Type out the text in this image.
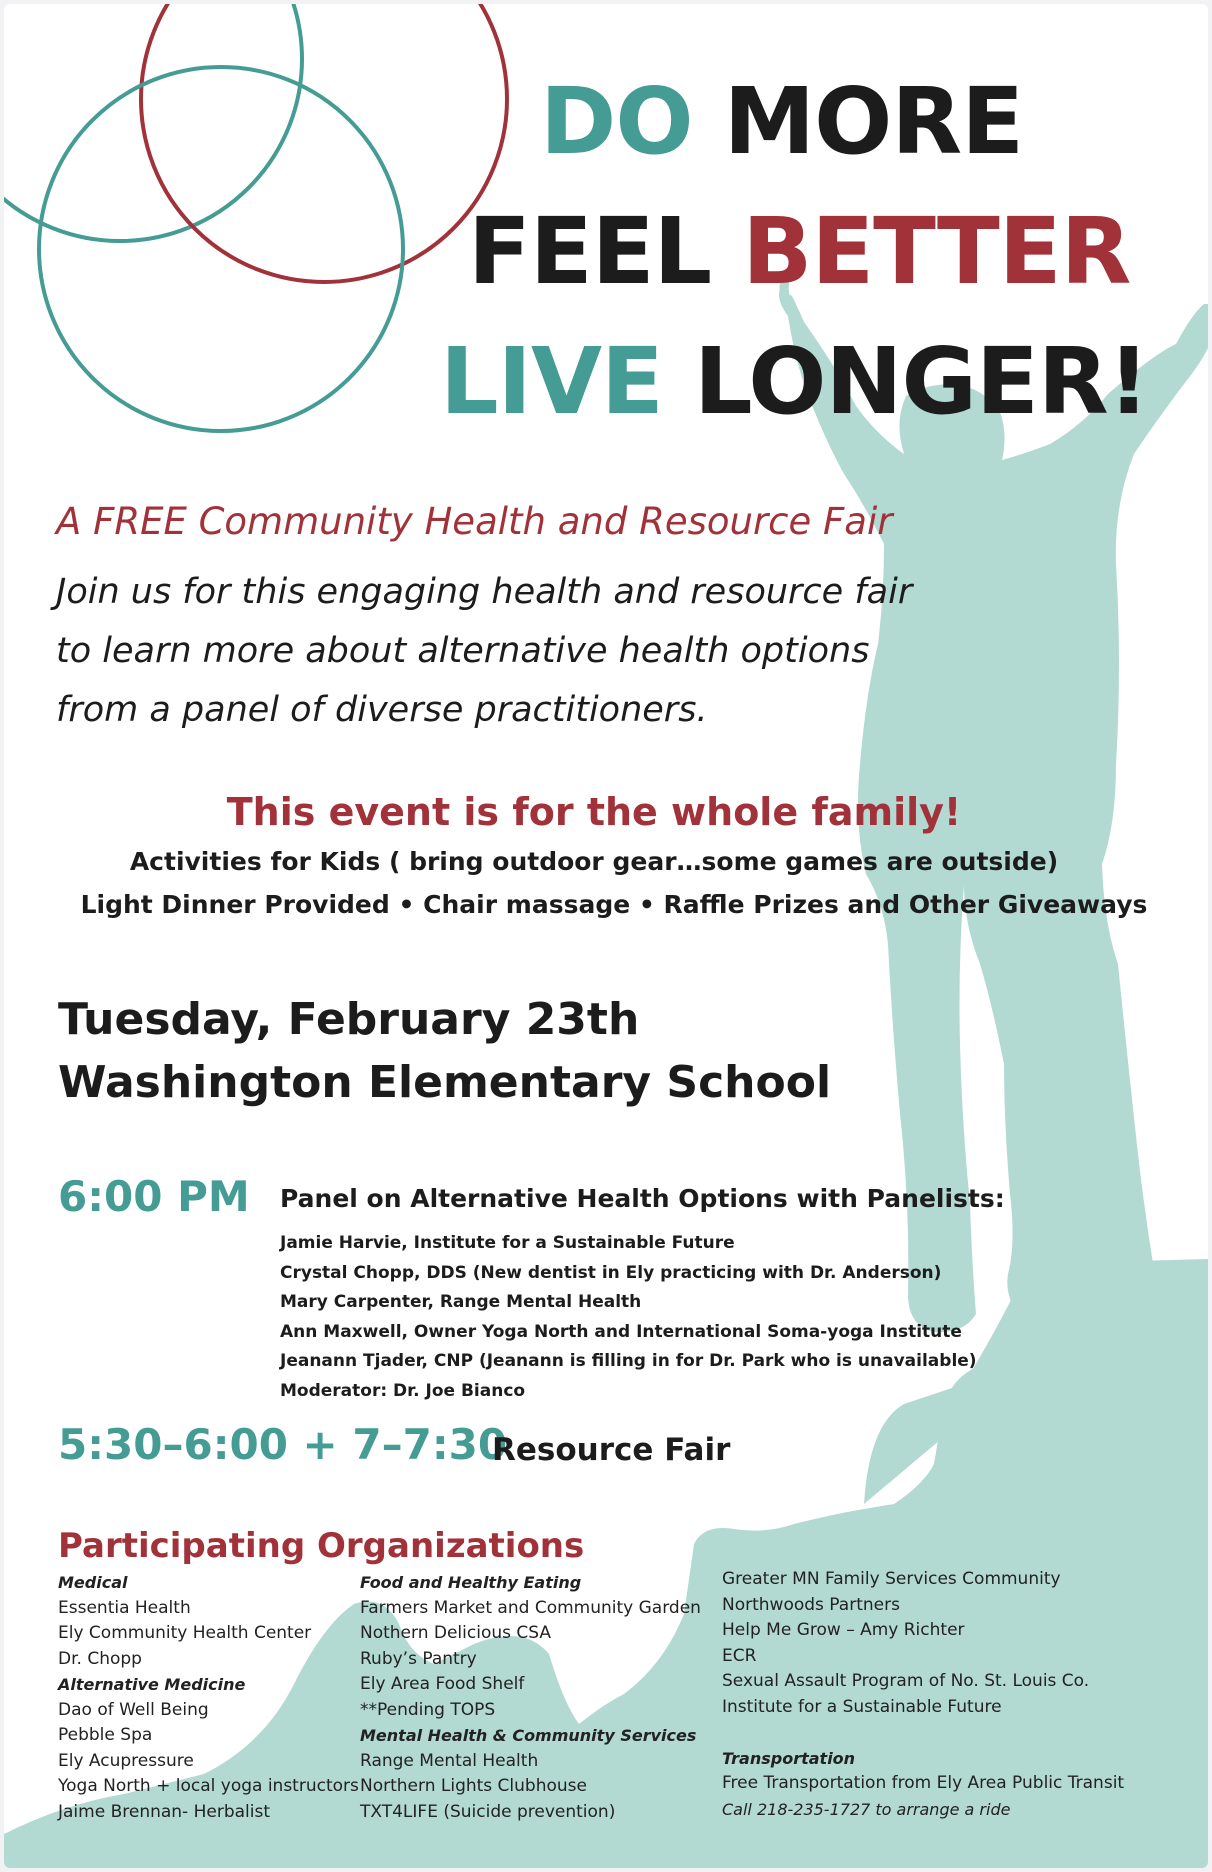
DO MORE
FEEL BETTER
LIVE LONGER!
A FREE Community Health and Resource Fair
Join us for this engaging health and resource fair
to learn more about alternative health options
from a panel of diverse practitioners.
This event is for the whole family!
Activities for Kids ( bring outdoor gear…some games are outside)
Light Dinner Provided • Chair massage • Raffle Prizes and Other Giveaways
Tuesday, February 23th
Washington Elementary School
6:00 PM Panel on Alternative Health Options with Panelists:
Jamie Harvie, Institute for a Sustainable Future
Crystal Chopp, DDS (New dentist in Ely practicing with Dr. Anderson)
Mary Carpenter, Range Mental Health
Ann Maxwell, Owner Yoga North and International Soma-yoga Institute
Jeanann Tjader, CNP (Jeanann is filling in for Dr. Park who is unavailable)
Moderator: Dr. Joe Bianco
5:30–6:00 + 7–7:30
Resource Fair
Participating Organizations
Medical
Essentia Health
Ely Community Health Center
Dr. Chopp
Alternative Medicine
Dao of Well Being
Pebble Spa
Ely Acupressure
Yoga North + local yoga instructors
Jaime Brennan- Herbalist
Food and Healthy Eating
Farmers Market and Community Garden
Nothern Delicious CSA
Ruby’s Pantry
Ely Area Food Shelf
**Pending TOPS
Mental Health & Community Services
Range Mental Health
Northern Lights Clubhouse
TXT4LIFE (Suicide prevention)
Greater MN Family Services Community
Northwoods Partners
Help Me Grow – Amy Richter
ECR
Sexual Assault Program of No. St. Louis Co.
Institute for a Sustainable Future
Transportation
Free Transportation from Ely Area Public Transit
Call 218-235-1727 to arrange a ride
